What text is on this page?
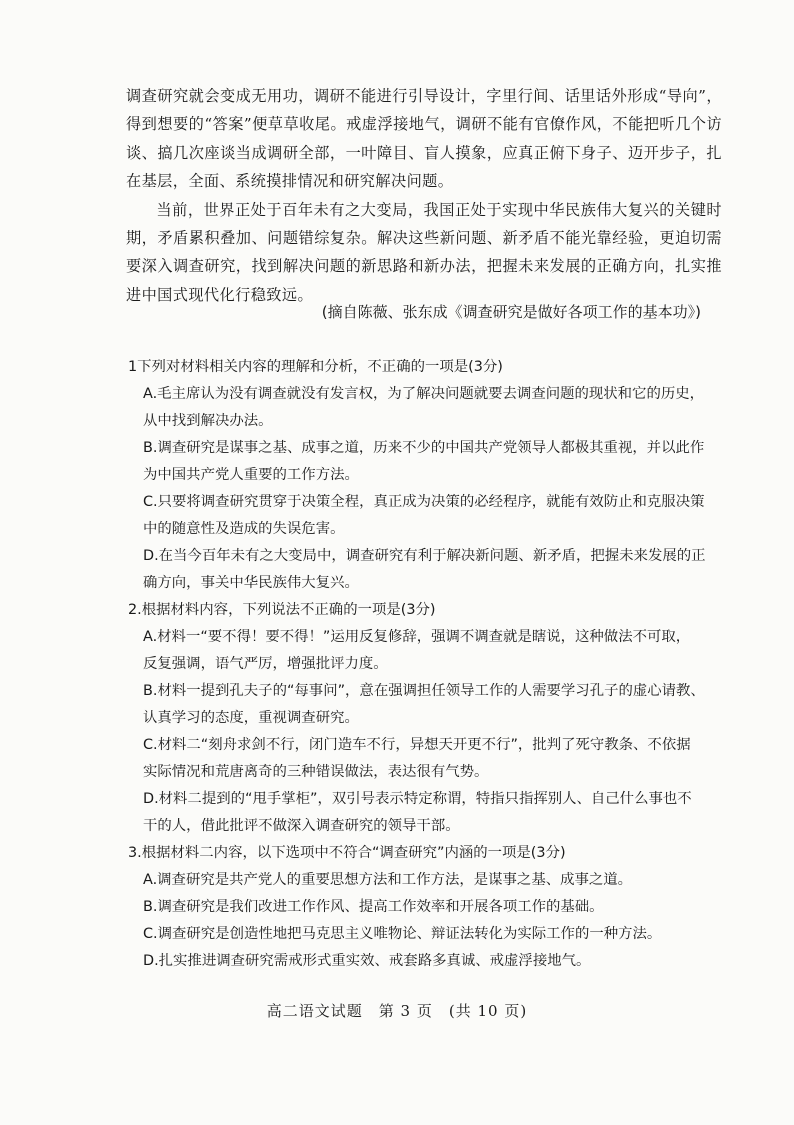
调查研究就会变成无用功，调研不能进行引导设计，字里行间、话里话外形成“导向”，得到想要的“答案”便草草收尾。戒虚浮接地气，调研不能有官僚作风，不能把听几个访谈、搞几次座谈当成调研全部，一叶障目、盲人摸象，应真正俯下身子、迈开步子，扎在基层，全面、系统摸排情况和研究解决问题。

当前，世界正处于百年未有之大变局，我国正处于实现中华民族伟大复兴的关键时期，矛盾累积叠加、问题错综复杂。解决这些新问题、新矛盾不能光靠经验，更迫切需要深入调查研究，找到解决问题的新思路和新办法，把握未来发展的正确方向，扎实推进中国式现代化行稳致远。

(摘自陈薇、张东成《调查研究是做好各项工作的基本功》)

1下列对材料相关内容的理解和分析，不正确的一项是(3分)

A.毛主席认为没有调查就没有发言权，为了解决问题就要去调查问题的现状和它的历史，
从中找到解决办法。
B.调查研究是谋事之基、成事之道，历来不少的中国共产党领导人都极其重视，并以此作
为中国共产党人重要的工作方法。
C.只要将调查研究贯穿于决策全程，真正成为决策的必经程序，就能有效防止和克服决策
中的随意性及造成的失误危害。
D.在当今百年未有之大变局中，调查研究有利于解决新问题、新矛盾，把握未来发展的正
确方向，事关中华民族伟大复兴。

2.根据材料内容，下列说法不正确的一项是(3分)

A.材料一“要不得！要不得！”运用反复修辞，强调不调查就是瞎说，这种做法不可取，
反复强调，语气严厉，增强批评力度。
B.材料一提到孔夫子的“每事问”，意在强调担任领导工作的人需要学习孔子的虚心请教、
认真学习的态度，重视调查研究。
C.材料二“刻舟求剑不行，闭门造车不行，异想天开更不行”，批判了死守教条、不依据
实际情况和荒唐离奇的三种错误做法，表达很有气势。
D.材料二提到的“甩手掌柜”，双引号表示特定称谓，特指只指挥别人、自己什么事也不
干的人，借此批评不做深入调查研究的领导干部。

3.根据材料二内容，以下选项中不符合“调查研究”内涵的一项是(3分)

A.调查研究是共产党人的重要思想方法和工作方法，是谋事之基、成事之道。
B.调查研究是我们改进工作作风、提高工作效率和开展各项工作的基础。
C.调查研究是创造性地把马克思主义唯物论、辩证法转化为实际工作的一种方法。
D.扎实推进调查研究需戒形式重实效、戒套路多真诚、戒虚浮接地气。
高二语文试题　第 3 页　(共 10 页)
